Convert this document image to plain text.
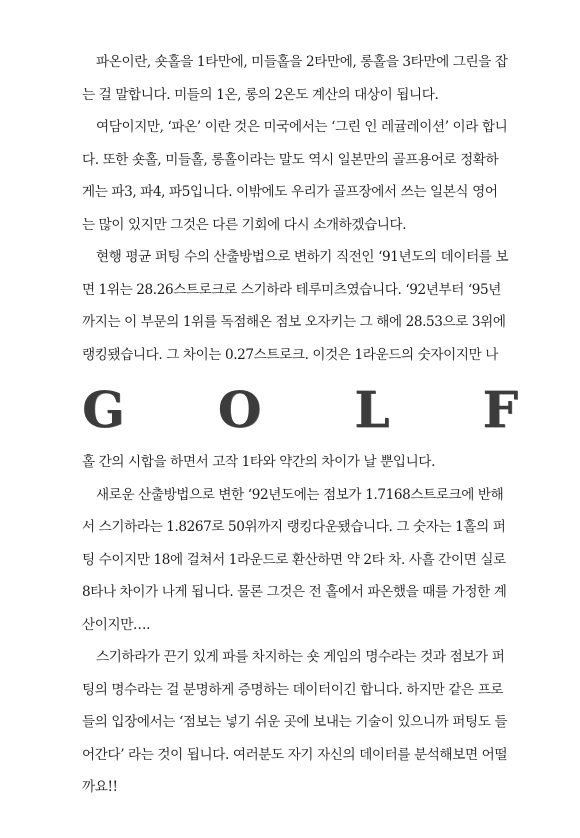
파온이란, 숏홀을 1타만에, 미들홀을 2타만에, 롱홀을 3타만에 그린을 잡

는 걸 말합니다. 미들의 1온, 롱의 2온도 계산의 대상이 됩니다.

여담이지만, ‘파온’ 이란 것은 미국에서는 ‘그린 인 레귤레이션’ 이라 합니

다. 또한 숏홀, 미들홀, 롱홀이라는 말도 역시 일본만의 골프용어로 정확하

게는 파3, 파4, 파5입니다. 이밖에도 우리가 골프장에서 쓰는 일본식 영어

는 많이 있지만 그것은 다른 기회에 다시 소개하겠습니다.

현행 평균 퍼팅 수의 산출방법으로 변하기 직전인 ‘91년도의 데이터를 보

면 1위는 28.26스트로크로 스기하라 테루미츠였습니다. ‘92년부터 ‘95년

까지는 이 부문의 1위를 독점해온 점보 오자키는 그 해에 28.53으로 3위에

랭킹됐습니다. 그 차이는 0.27스트로크. 이것은 1라운드의 숫자이지만 나

G O L F

홀 간의 시합을 하면서 고작 1타와 약간의 차이가 날 뿐입니다.

새로운 산출방법으로 변한 ‘92년도에는 점보가 1.7168스트로크에 반해

서 스기하라는 1.8267로 50위까지 랭킹다운됐습니다. 그 숫자는 1홀의 퍼

팅 수이지만 18에 걸쳐서 1라운드로 환산하면 약 2타 차. 사흘 간이면 실로

8타나 차이가 나게 됩니다. 물론 그것은 전 홀에서 파온했을 때를 가정한 계

산이지만….

스기하라가 끈기 있게 파를 차지하는 숏 게임의 명수라는 것과 점보가 퍼

팅의 명수라는 걸 분명하게 증명하는 데이터이긴 합니다. 하지만 같은 프로

들의 입장에서는 ‘점보는 넣기 쉬운 곳에 보내는 기술이 있으니까 퍼팅도 들

어간다’ 라는 것이 됩니다. 여러분도 자기 자신의 데이터를 분석해보면 어떨

까요!!
